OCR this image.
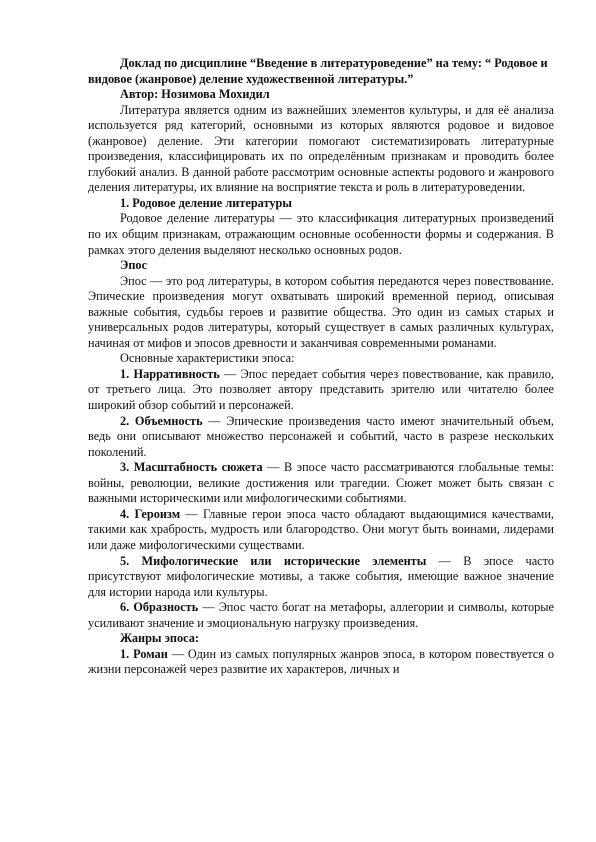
Доклад по дисциплине “Введение в литературоведение” на тему: “ Родовое и видовое (жанровое) деление художественной литературы.”

Автор: Нозимова Мохидил

Литература является одним из важнейших элементов культуры, и для её анализа используется ряд категорий, основными из которых являются родовое и видовое (жанровое) деление. Эти категории помогают систематизировать литературные произведения, классифицировать их по определённым признакам и проводить более глубокий анализ. В данной работе рассмотрим основные аспекты родового и жанрового деления литературы, их влияние на восприятие текста и роль в литературоведении.

1. Родовое деление литературы

Родовое деление литературы — это классификация литературных произведений по их общим признакам, отражающим основные особенности формы и содержания. В рамках этого деления выделяют несколько основных родов.

Эпос

Эпос — это род литературы, в котором события передаются через повествование. Эпические произведения могут охватывать широкий временной период, описывая важные события, судьбы героев и развитие общества. Это один из самых старых и универсальных родов литературы, который существует в самых различных культурах, начиная от мифов и эпосов древности и заканчивая современными романами.

Основные характеристики эпоса:

1. Нарративность — Эпос передает события через повествование, как правило, от третьего лица. Это позволяет автору представить зрителю или читателю более широкий обзор событий и персонажей.

2. Объемность — Эпические произведения часто имеют значительный объем, ведь они описывают множество персонажей и событий, часто в разрезе нескольких поколений.

3. Масштабность сюжета — В эпосе часто рассматриваются глобальные темы: войны, революции, великие достижения или трагедии. Сюжет может быть связан с важными историческими или мифологическими событиями.

4. Героизм — Главные герои эпоса часто обладают выдающимися качествами, такими как храбрость, мудрость или благородство. Они могут быть воинами, лидерами или даже мифологическими существами.

5. Мифологические или исторические элементы — В эпосе часто присутствуют мифологические мотивы, а также события, имеющие важное значение для истории народа или культуры.

6. Образность — Эпос часто богат на метафоры, аллегории и символы, которые усиливают значение и эмоциональную нагрузку произведения.

Жанры эпоса:

1. Роман — Один из самых популярных жанров эпоса, в котором повествуется о жизни персонажей через развитие их характеров, личных и
